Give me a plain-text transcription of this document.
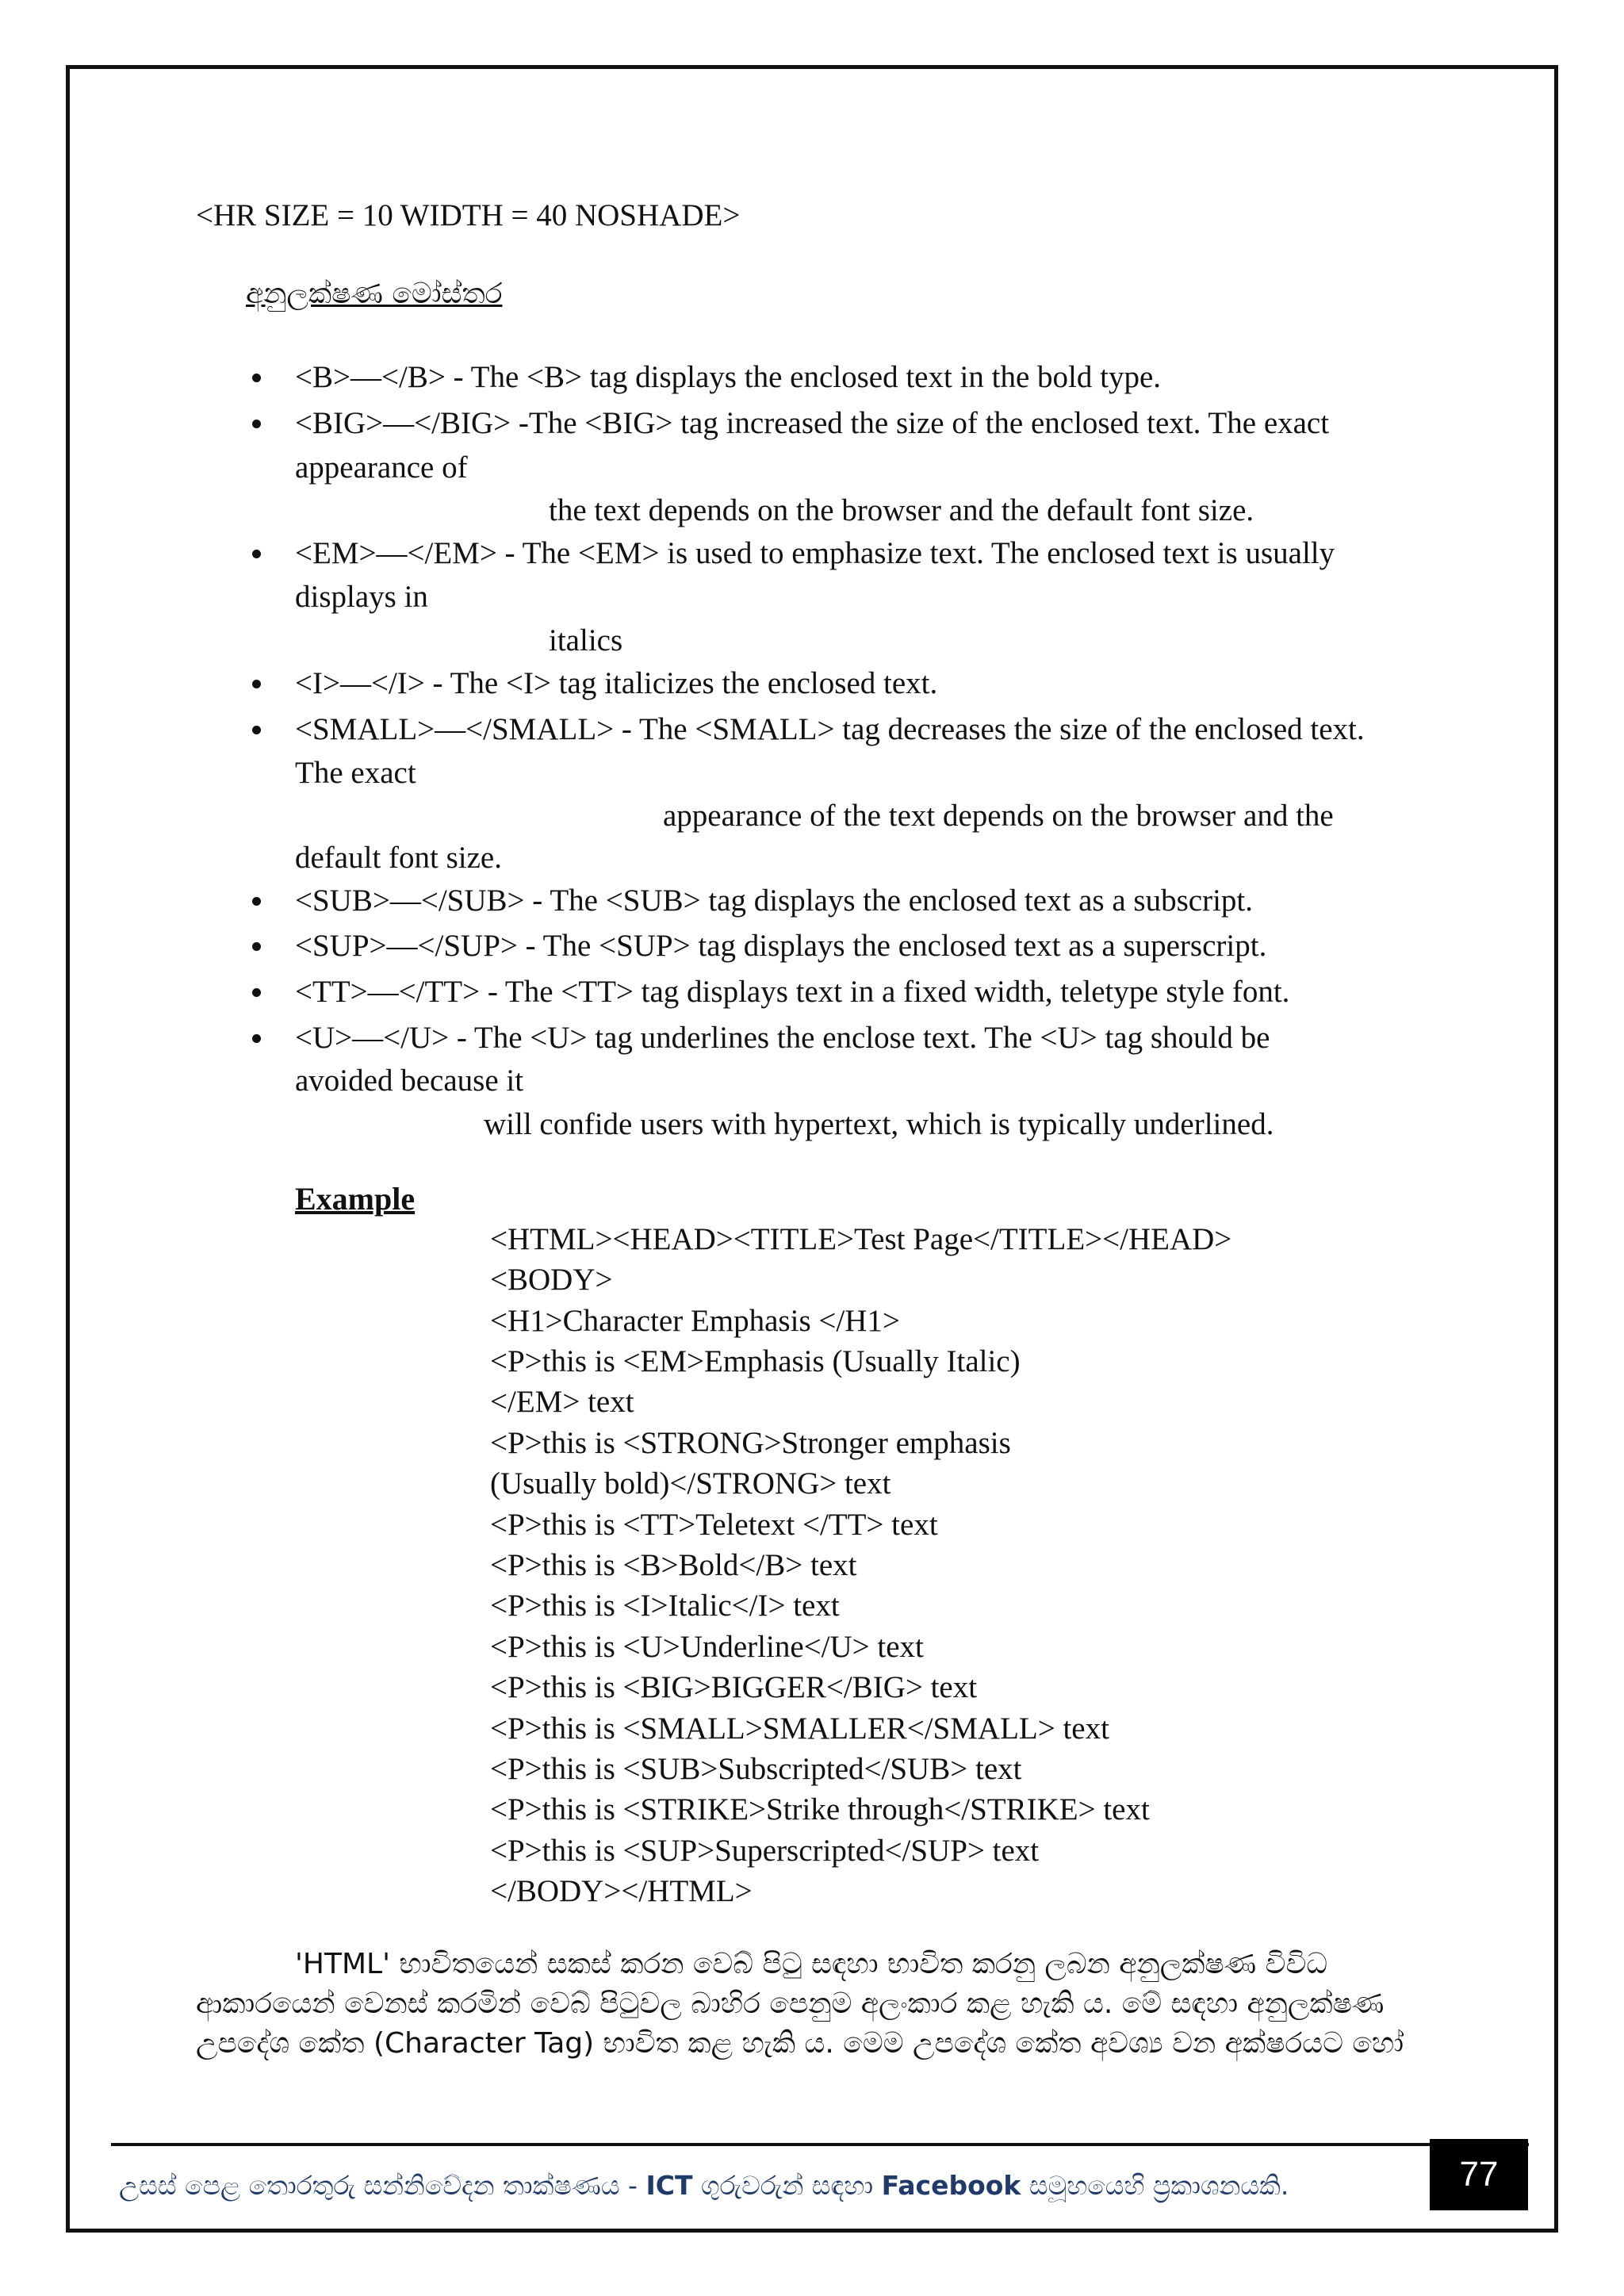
<HR SIZE = 10 WIDTH = 40 NOSHADE>
අනුලක්ෂණ මෝස්තර
<B>—</B> - The <B> tag displays the enclosed text in the bold type.
<BIG>—</BIG> -The <BIG> tag increased the size of the enclosed text. The exact
appearance of
the text depends on the browser and the default font size.
<EM>—</EM> - The <EM> is used to emphasize text. The enclosed text is usually
displays in
italics
<I>—</I> - The <I> tag italicizes the enclosed text.
<SMALL>—</SMALL> - The <SMALL> tag decreases the size of the enclosed text.
The exact
appearance of the text depends on the browser and the
default font size.
<SUB>—</SUB> - The <SUB> tag displays the enclosed text as a subscript.
<SUP>—</SUP> - The <SUP> tag displays the enclosed text as a superscript.
<TT>—</TT> - The <TT> tag displays text in a fixed width, teletype style font.
<U>—</U> - The <U> tag underlines the enclose text. The <U> tag should be
avoided because it
will confide users with hypertext, which is typically underlined.
Example
<HTML><HEAD><TITLE>Test Page</TITLE></HEAD>
<BODY>
<H1>Character Emphasis </H1>
<P>this is <EM>Emphasis (Usually Italic)
</EM> text
<P>this is <STRONG>Stronger emphasis
(Usually bold)</STRONG> text
<P>this is <TT>Teletext </TT> text
<P>this is <B>Bold</B> text
<P>this is <I>Italic</I> text
<P>this is <U>Underline</U> text
<P>this is <BIG>BIGGER</BIG> text
<P>this is <SMALL>SMALLER</SMALL> text
<P>this is <SUB>Subscripted</SUB> text
<P>this is <STRIKE>Strike through</STRIKE> text
<P>this is <SUP>Superscripted</SUP> text
</BODY></HTML>
'HTML' භාවිතයෙන් සකස් කරන වෙබ් පිටු සඳහා භාවිත කරනු ලබන අනුලක්ෂණ විවිධ
ආකාරයෙන් වෙනස් කරමින් වෙබ් පිටුවල බාහිර පෙනුම අලංකාර කළ හැකි ය. මේ සඳහා අනුලක්ෂණ
උපදේශ කේත (Character Tag) භාවිත කළ හැකි ය. මෙම උපදේශ කේත අවශ්‍ය වන අක්ෂරයට හෝ
උසස් පෙළ තොරතුරු සන්නිවේදන තාක්ෂණය - ICT ගුරුවරුන් සඳහා Facebook සමූහයෙහි ප්‍රකාශනයකි.	77
